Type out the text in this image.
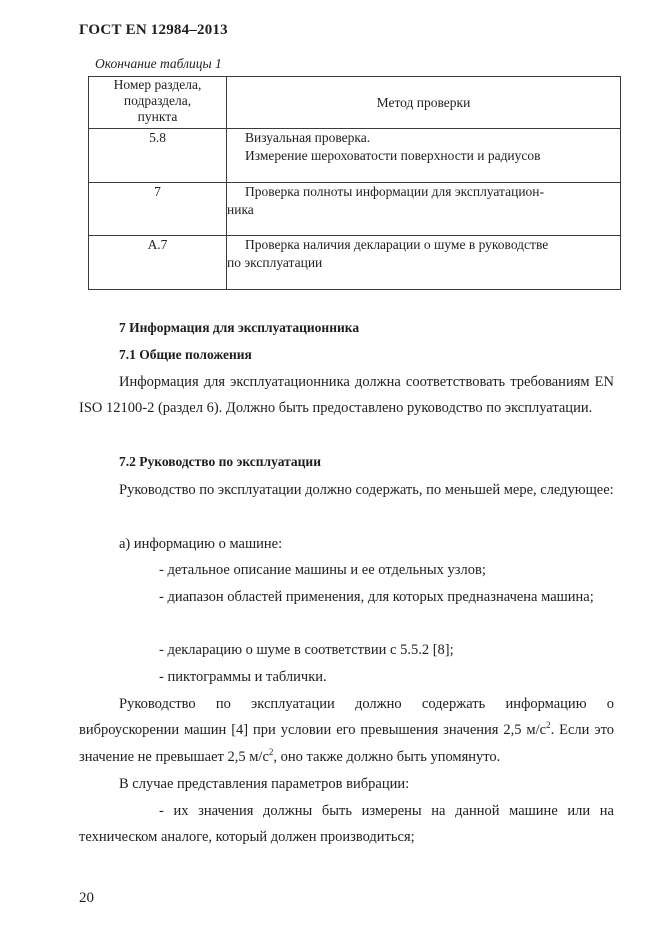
ГОСТ EN 12984–2013
Окончание таблицы 1
Номер раздела,
подраздела,
пункта	Метод проверки
5.8	Визуальная проверка.
Измерение шероховатости поверхности и радиусов

7	Проверка полноты информации для эксплуатацион-
ника

А.7	Проверка наличия декларации о шуме в руководстве
по эксплуатации
7 Информация для эксплуатационника
7.1 Общие положения
Информация для эксплуатационника должна соответствовать требованиям EN ISO 12100-2 (раздел 6). Должно быть предоставлено руководство по эксплуатации.
7.2 Руководство по эксплуатации
Руководство по эксплуатации должно содержать, по меньшей мере, следующее:
а) информацию о машине:
- детальное описание машины и ее отдельных узлов;
- диапазон областей применения, для которых предназначена машина;
- декларацию о шуме в соответствии с 5.5.2 [8];
- пиктограммы и таблички.
Руководство по эксплуатации должно содержать информацию о виброускорении машин [4] при условии его превышения значения 2,5 $м/с^2$. Если это значение не превышает 2,5 $м/с^2$, оно также должно быть упомянуто.
В случае представления параметров вибрации:
- их значения должны быть измерены на данной машине или на техническом аналоге, который должен производиться;
20
